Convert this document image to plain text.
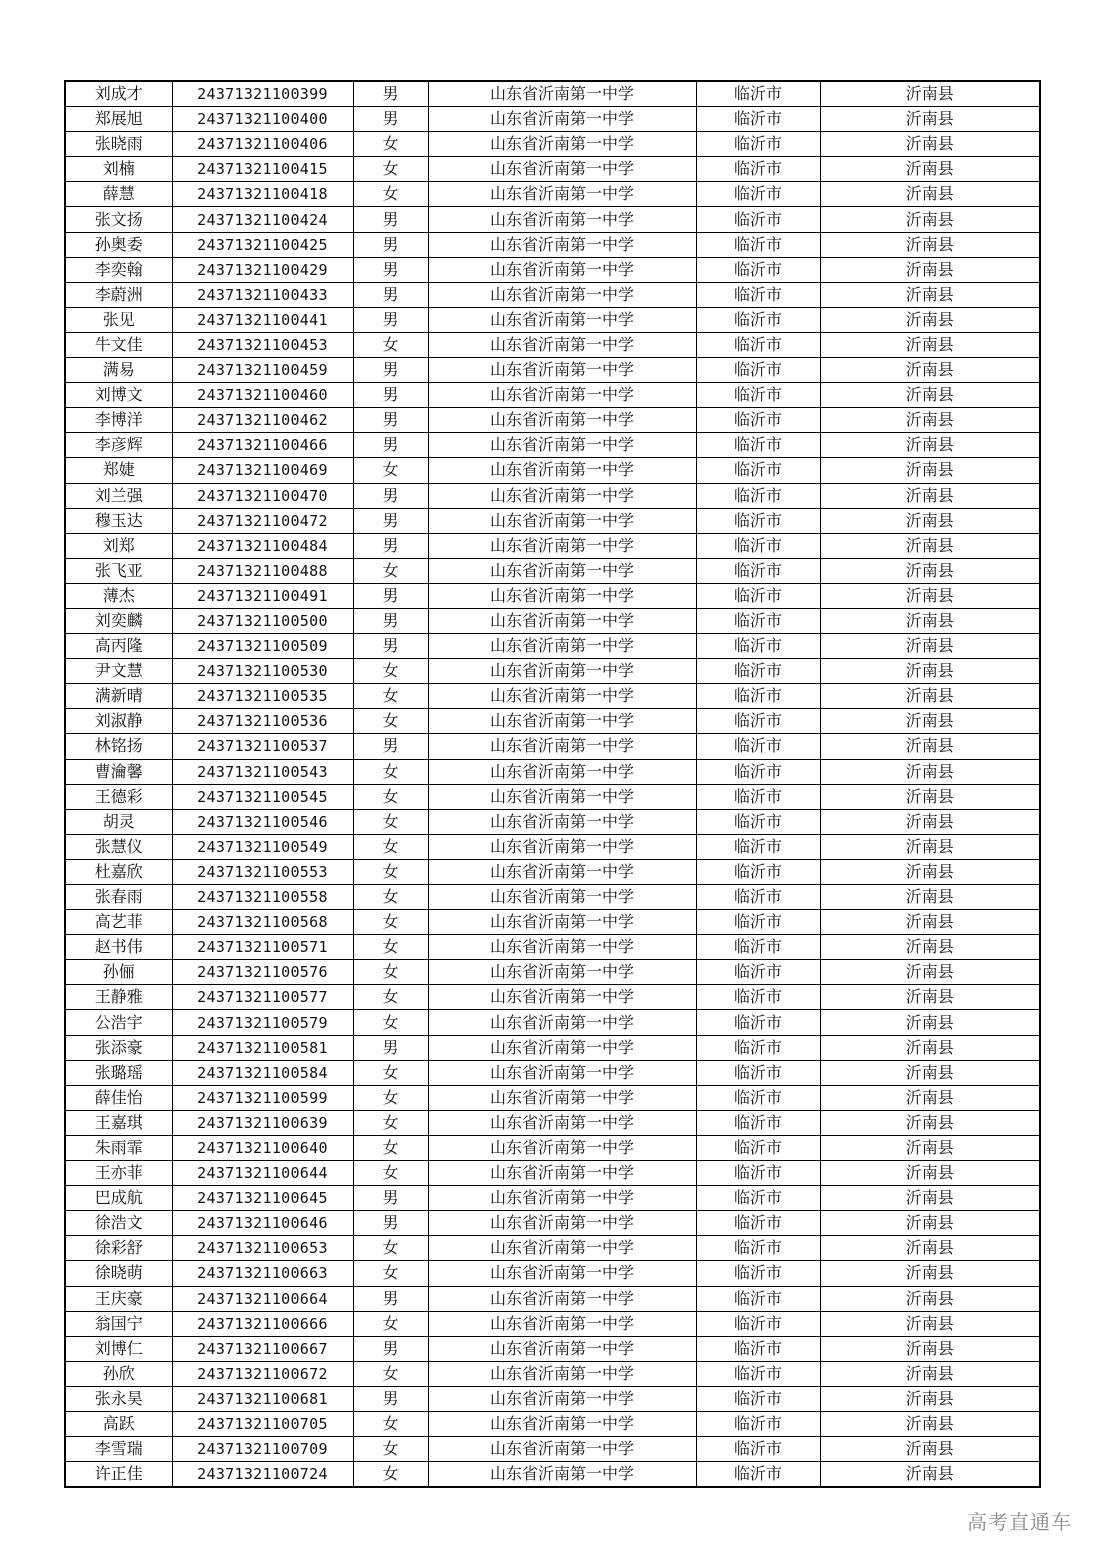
刘成才	24371321100399	男	山东省沂南第一中学	临沂市	沂南县
郑展旭	24371321100400	男	山东省沂南第一中学	临沂市	沂南县
张晓雨	24371321100406	女	山东省沂南第一中学	临沂市	沂南县
刘楠	24371321100415	女	山东省沂南第一中学	临沂市	沂南县
薛慧	24371321100418	女	山东省沂南第一中学	临沂市	沂南县
张文扬	24371321100424	男	山东省沂南第一中学	临沂市	沂南县
孙奥委	24371321100425	男	山东省沂南第一中学	临沂市	沂南县
李奕翰	24371321100429	男	山东省沂南第一中学	临沂市	沂南县
李蔚洲	24371321100433	男	山东省沂南第一中学	临沂市	沂南县
张见	24371321100441	男	山东省沂南第一中学	临沂市	沂南县
牛文佳	24371321100453	女	山东省沂南第一中学	临沂市	沂南县
满易	24371321100459	男	山东省沂南第一中学	临沂市	沂南县
刘博文	24371321100460	男	山东省沂南第一中学	临沂市	沂南县
李博洋	24371321100462	男	山东省沂南第一中学	临沂市	沂南县
李彦辉	24371321100466	男	山东省沂南第一中学	临沂市	沂南县
郑婕	24371321100469	女	山东省沂南第一中学	临沂市	沂南县
刘兰强	24371321100470	男	山东省沂南第一中学	临沂市	沂南县
穆玉达	24371321100472	男	山东省沂南第一中学	临沂市	沂南县
刘郑	24371321100484	男	山东省沂南第一中学	临沂市	沂南县
张飞亚	24371321100488	女	山东省沂南第一中学	临沂市	沂南县
薄杰	24371321100491	男	山东省沂南第一中学	临沂市	沂南县
刘奕麟	24371321100500	男	山东省沂南第一中学	临沂市	沂南县
高丙隆	24371321100509	男	山东省沂南第一中学	临沂市	沂南县
尹文慧	24371321100530	女	山东省沂南第一中学	临沂市	沂南县
满新晴	24371321100535	女	山东省沂南第一中学	临沂市	沂南县
刘淑静	24371321100536	女	山东省沂南第一中学	临沂市	沂南县
林铭扬	24371321100537	男	山东省沂南第一中学	临沂市	沂南县
曹瀹馨	24371321100543	女	山东省沂南第一中学	临沂市	沂南县
王德彩	24371321100545	女	山东省沂南第一中学	临沂市	沂南县
胡灵	24371321100546	女	山东省沂南第一中学	临沂市	沂南县
张慧仪	24371321100549	女	山东省沂南第一中学	临沂市	沂南县
杜嘉欣	24371321100553	女	山东省沂南第一中学	临沂市	沂南县
张春雨	24371321100558	女	山东省沂南第一中学	临沂市	沂南县
高艺菲	24371321100568	女	山东省沂南第一中学	临沂市	沂南县
赵书伟	24371321100571	女	山东省沂南第一中学	临沂市	沂南县
孙俪	24371321100576	女	山东省沂南第一中学	临沂市	沂南县
王静雅	24371321100577	女	山东省沂南第一中学	临沂市	沂南县
公浩宇	24371321100579	女	山东省沂南第一中学	临沂市	沂南县
张添豪	24371321100581	男	山东省沂南第一中学	临沂市	沂南县
张璐瑶	24371321100584	女	山东省沂南第一中学	临沂市	沂南县
薛佳怡	24371321100599	女	山东省沂南第一中学	临沂市	沂南县
王嘉琪	24371321100639	女	山东省沂南第一中学	临沂市	沂南县
朱雨霏	24371321100640	女	山东省沂南第一中学	临沂市	沂南县
王亦菲	24371321100644	女	山东省沂南第一中学	临沂市	沂南县
巴成航	24371321100645	男	山东省沂南第一中学	临沂市	沂南县
徐浩文	24371321100646	男	山东省沂南第一中学	临沂市	沂南县
徐彩舒	24371321100653	女	山东省沂南第一中学	临沂市	沂南县
徐晓萌	24371321100663	女	山东省沂南第一中学	临沂市	沂南县
王庆豪	24371321100664	男	山东省沂南第一中学	临沂市	沂南县
翁国宁	24371321100666	女	山东省沂南第一中学	临沂市	沂南县
刘博仁	24371321100667	男	山东省沂南第一中学	临沂市	沂南县
孙欣	24371321100672	女	山东省沂南第一中学	临沂市	沂南县
张永昊	24371321100681	男	山东省沂南第一中学	临沂市	沂南县
高跃	24371321100705	女	山东省沂南第一中学	临沂市	沂南县
李雪瑞	24371321100709	女	山东省沂南第一中学	临沂市	沂南县
许正佳	24371321100724	女	山东省沂南第一中学	临沂市	沂南县
高考直通车
